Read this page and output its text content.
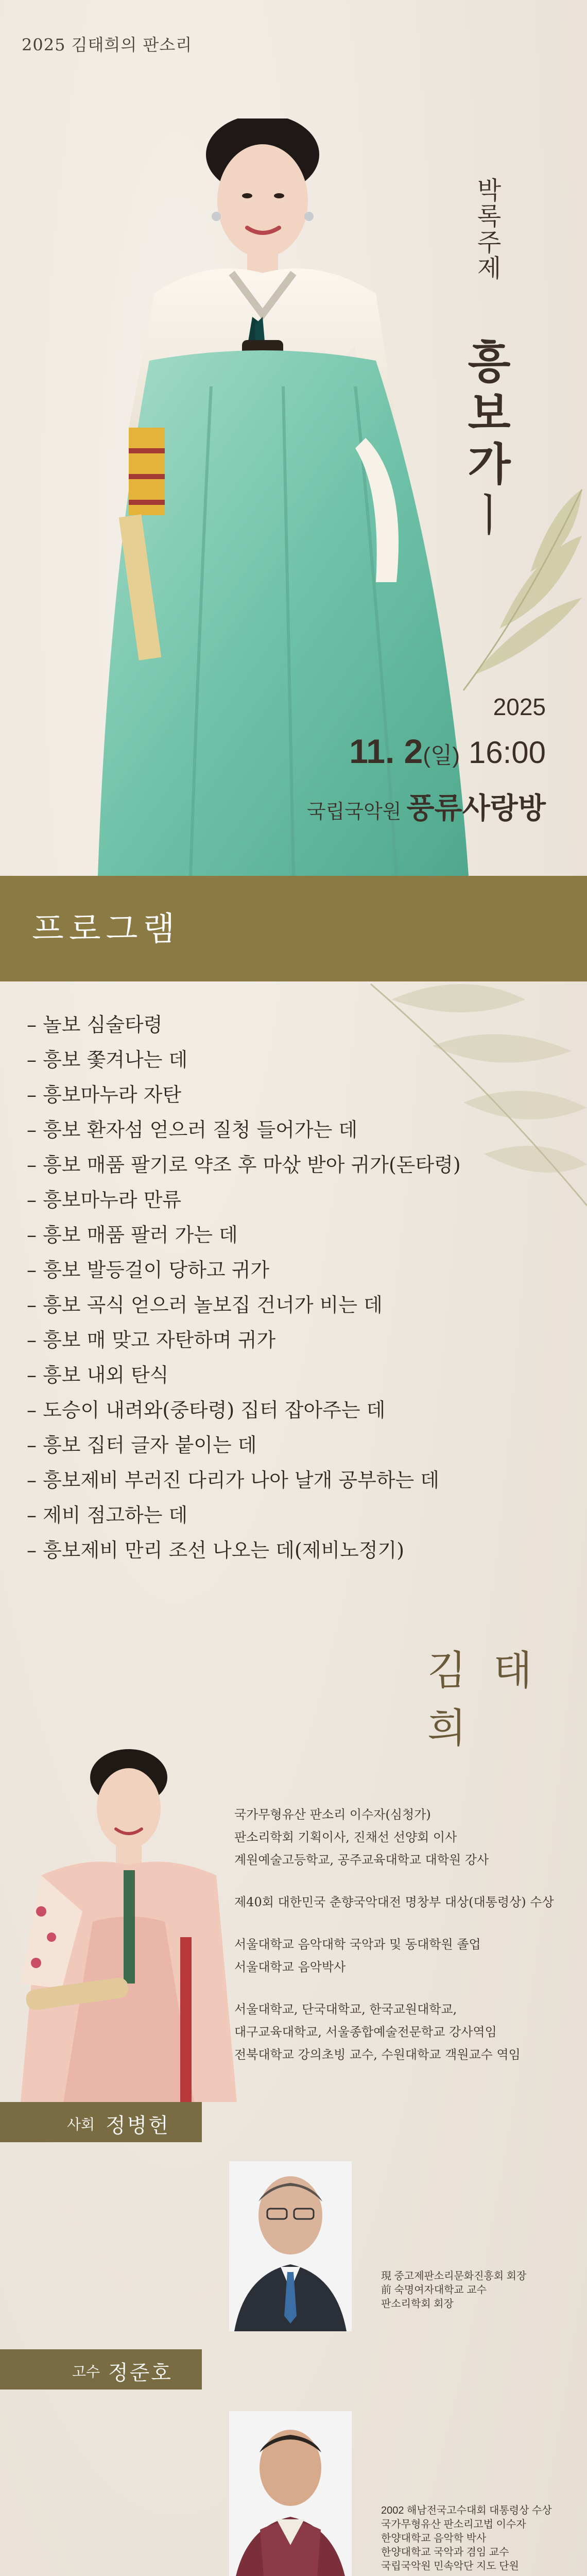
2025 김태희의 판소리
박
록
주
제
흥
보
가
ㅣ
2025
11. 2(일) 16:00
국립국악원 풍류사랑방
프로그램
– 놀보 심술타령
– 흥보 쫓겨나는 데
– 흥보마누라 자탄
– 흥보 환자섬 얻으러 질청 들어가는 데
– 흥보 매품 팔기로 약조 후 마삯 받아 귀가(돈타령)
– 흥보마누라 만류
– 흥보 매품 팔러 가는 데
– 흥보 발등걸이 당하고 귀가
– 흥보 곡식 얻으러 놀보집 건너가 비는 데
– 흥보 매 맞고 자탄하며 귀가
– 흥보 내외 탄식
– 도승이 내려와(중타령) 집터 잡아주는 데
– 흥보 집터 글자 붙이는 데
– 흥보제비 부러진 다리가 나아 날개 공부하는 데
– 제비 점고하는 데
– 흥보제비 만리 조선 나오는 데(제비노정기)
김 태 희

국가무형유산 판소리 이수자(심청가)

판소리학회 기획이사, 진채선 선양회 이사

계원예술고등학교, 공주교육대학교 대학원 강사

제40회 대한민국 춘향국악대전 명창부 대상(대통령상) 수상

서울대학교 음악대학 국악과 및 동대학원 졸업

서울대학교 음악박사

서울대학교, 단국대학교, 한국교원대학교,

대구교육대학교, 서울종합예술전문학교 강사역임

전북대학교 강의초빙 교수, 수원대학교 객원교수 역임

사회 정병헌

現 중고제판소리문화진흥회 회장

前 숙명여자대학교 교수

판소리학회 회장

고수 정준호

2002 해남전국고수대회 대통령상 수상

국가무형유산 판소리고법 이수자

한양대학교 음악학 박사

한양대학교 국악과 겸임 교수

국립국악원 민속악단 지도 단원
